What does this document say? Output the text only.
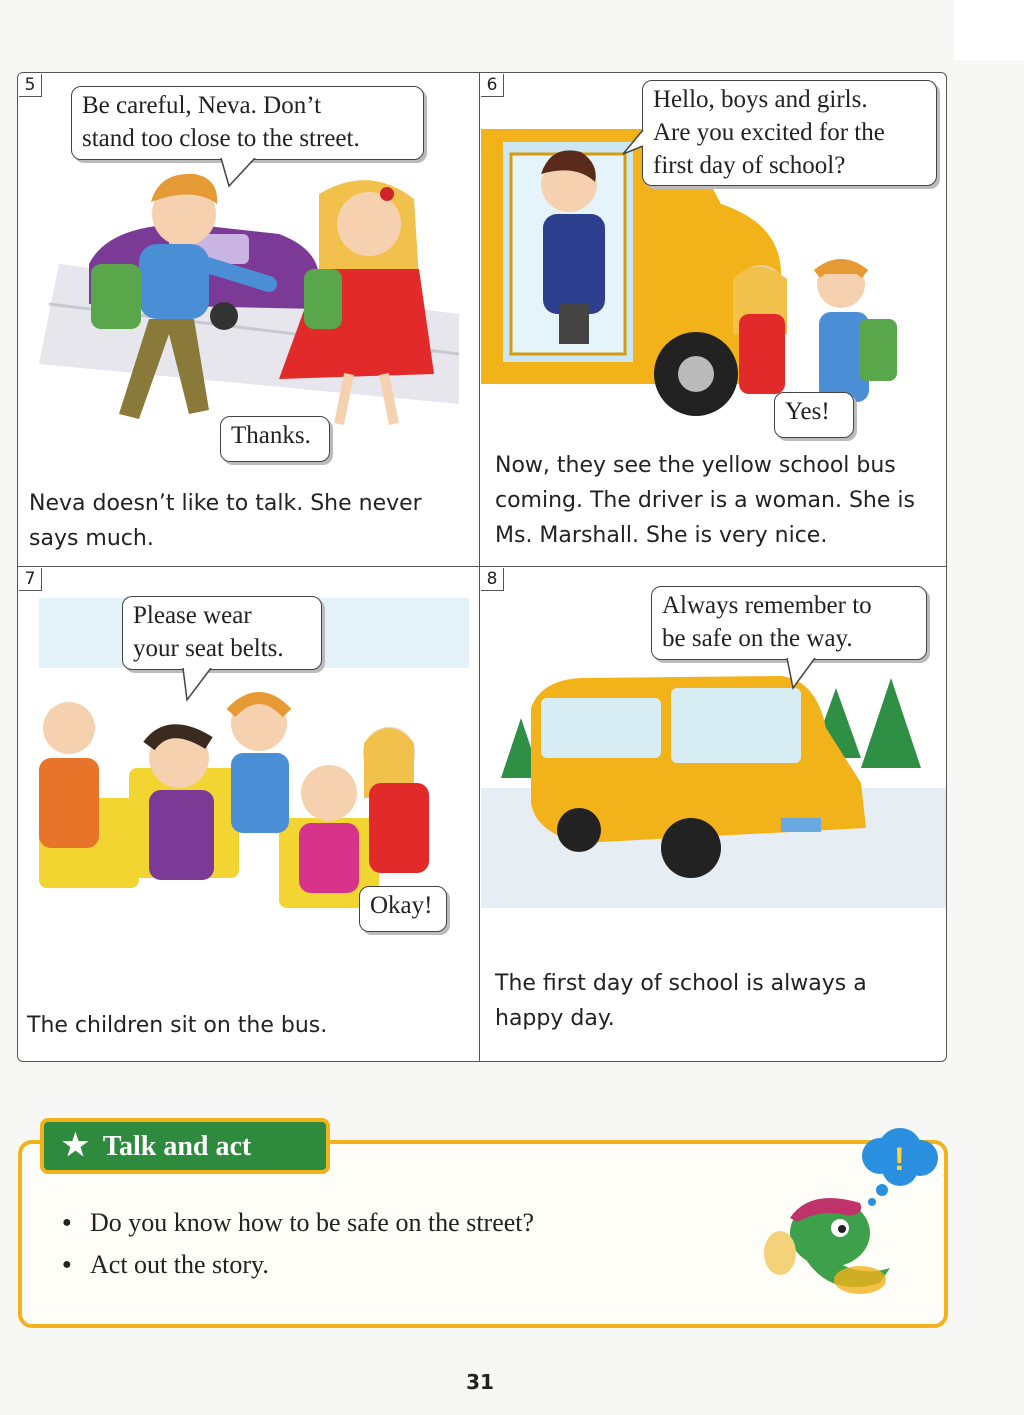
5
Be careful, Neva. Don’t
stand too close to the street.
Thanks.
Neva doesn’t like to talk. She never
says much.
6
Hello, boys and girls.
Are you excited for the
first day of school?
Yes!
Now, they see the yellow school bus
coming. The driver is a woman. She is
Ms. Marshall. She is very nice.
7
Please wear
your seat belts.
Okay!
The children sit on the bus.
8
Always remember to
be safe on the way.
The first day of school is always a
happy day.
★ Talk and act
● Do you know how to be safe on the street?
● Act out the story.
!
31
